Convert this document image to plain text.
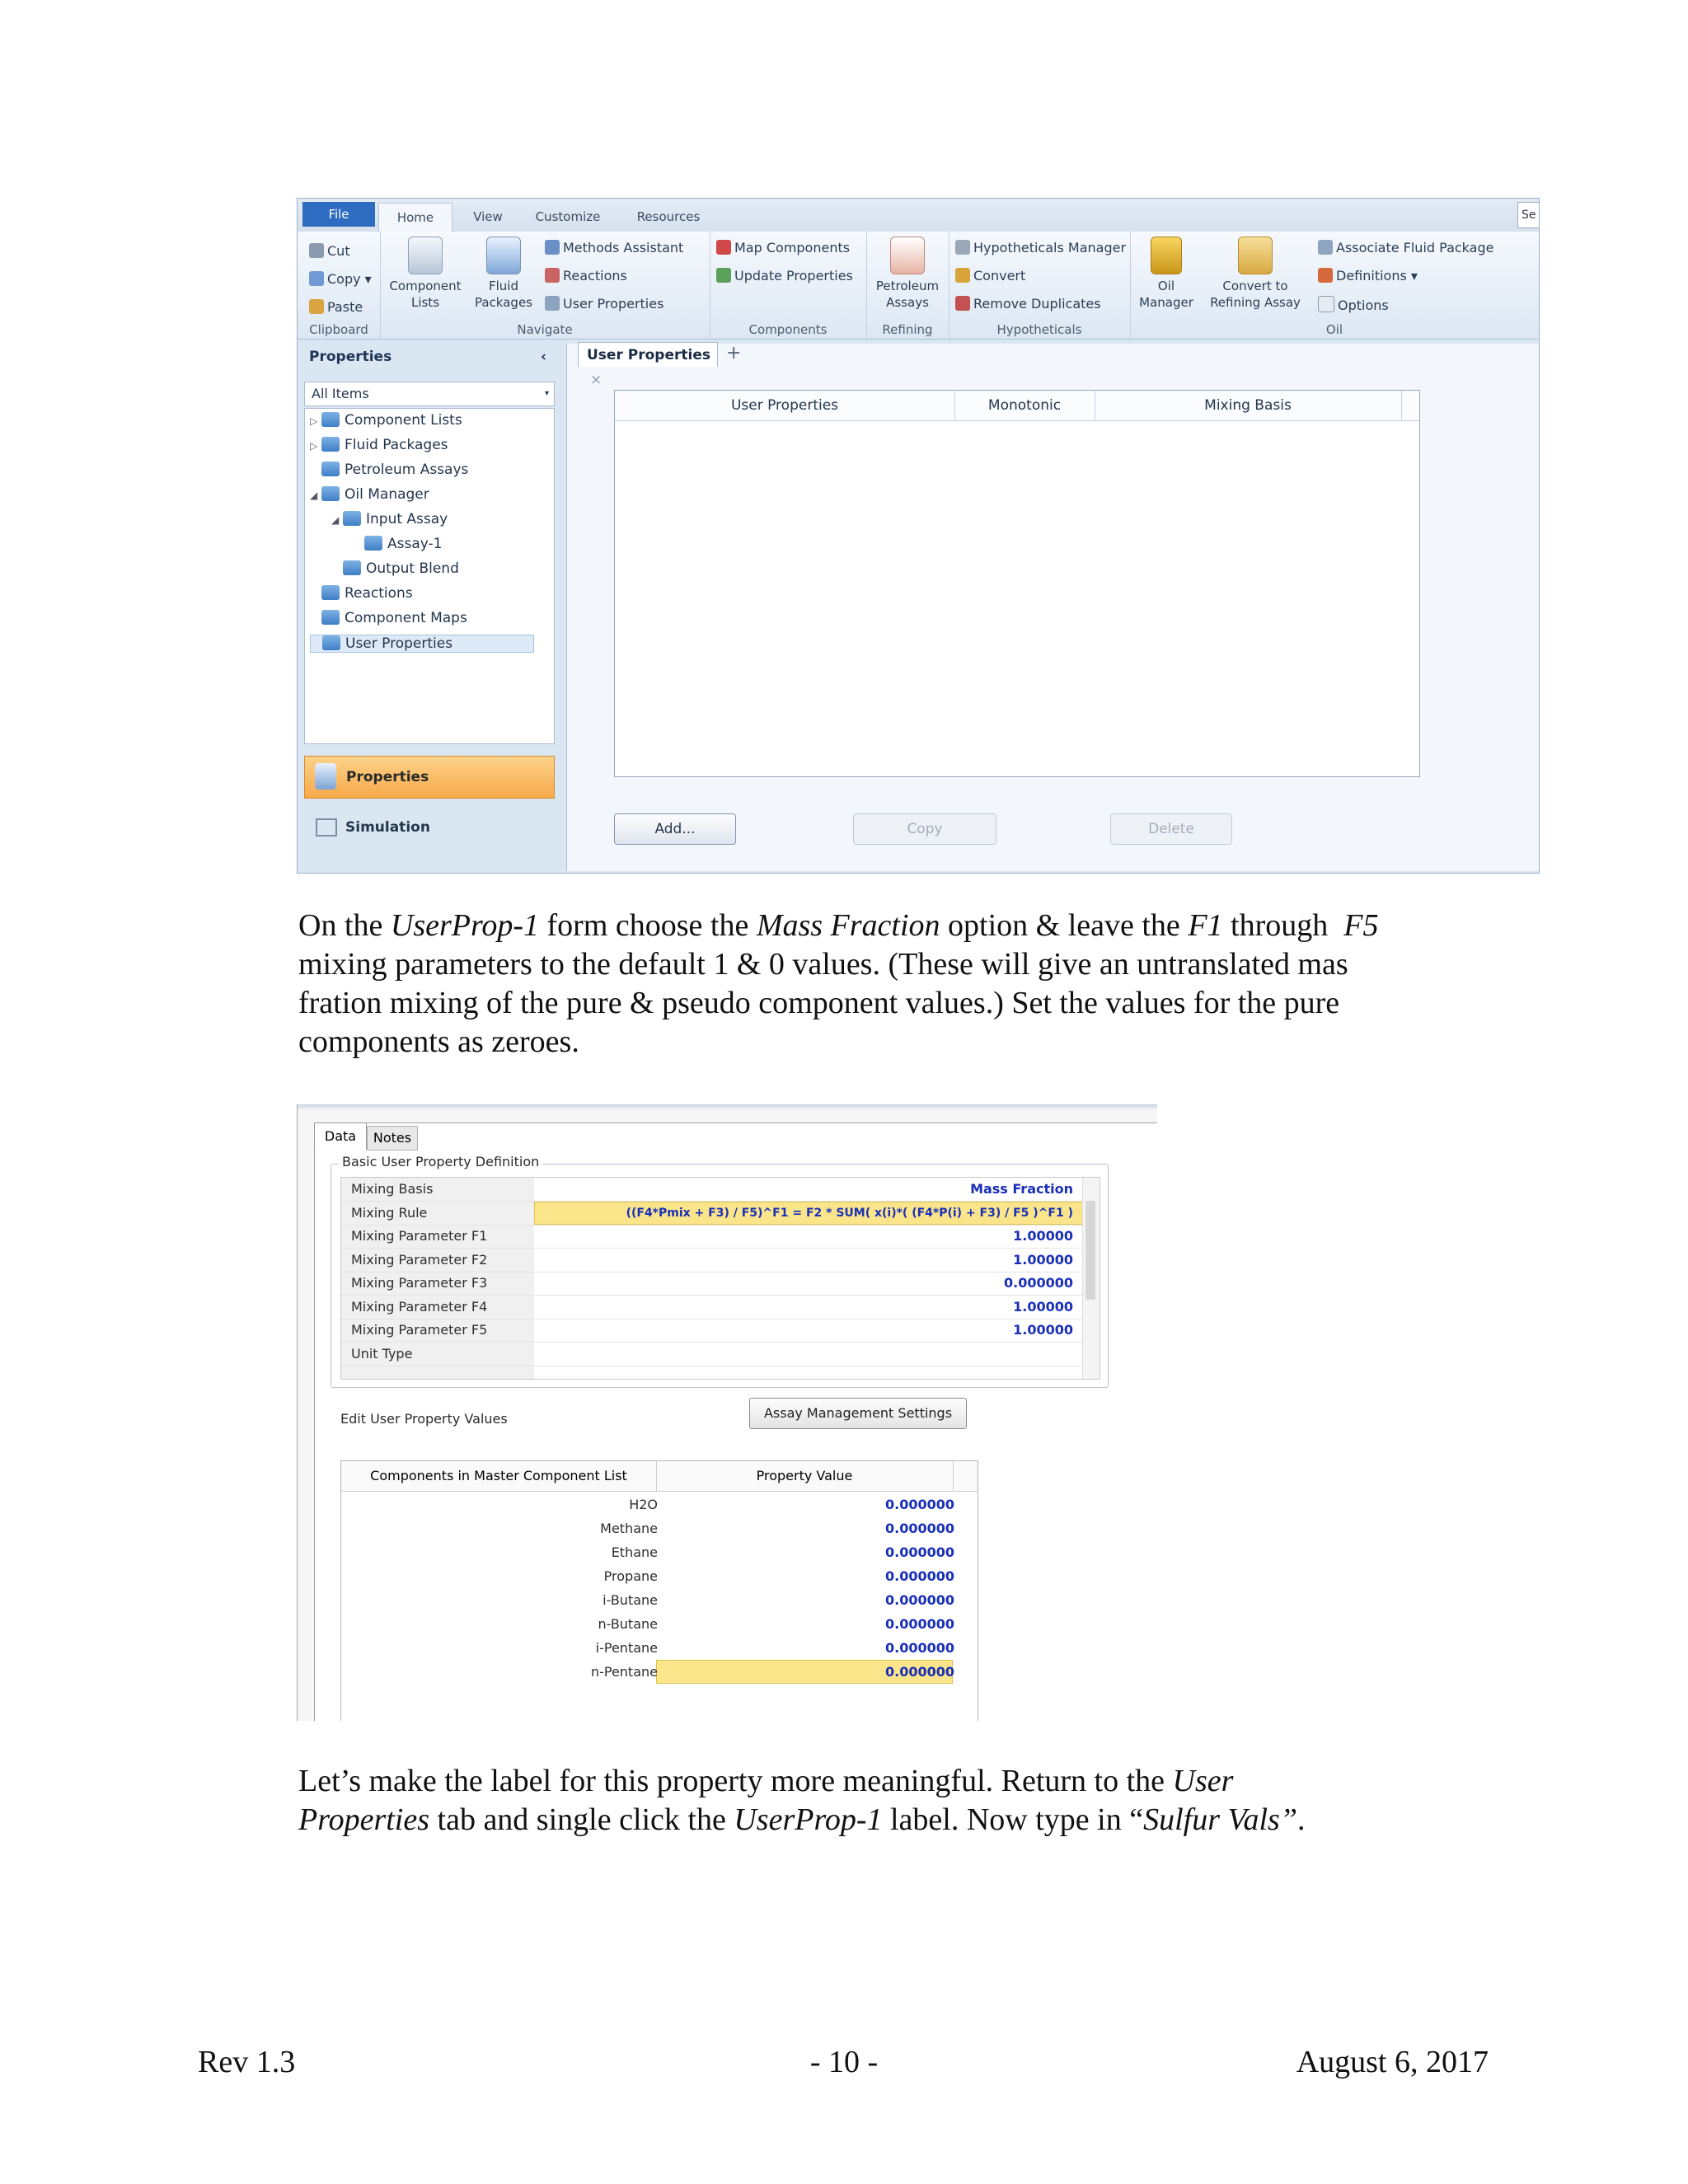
File	Home	View	Customize	Resources	Se
Cut
Copy ▾
Paste
Clipboard
Component Lists
Fluid Packages
Methods Assistant
Reactions
User Properties
Navigate
Map Components
Update Properties
Components
Petroleum Assays
Refining
Hypotheticals Manager
Convert
Remove Duplicates
Hypotheticals
Oil Manager
Convert to Refining Assay
Associate Fluid Package
Definitions ▾
Options
Oil
Properties	‹
All Items	▾
▷ Component Lists
▷ Fluid Packages
Petroleum Assays
◢ Oil Manager
◢ Input Assay
Assay-1
Output Blend
Reactions
Component Maps
User Properties
Properties
Simulation
User Properties ×
+
User Properties	Monotonic	Mixing Basis
Add...	Copy	Delete
On the UserProp-1 form choose the Mass Fraction option & leave the F1 through  F5
mixing parameters to the default 1 & 0 values. (These will give an untranslated mas
fration mixing of the pure & pseudo component values.) Set the values for the pure
components as zeroes.
Data	Notes
Basic User Property Definition
Mixing Basis	Mass Fraction
Mixing Rule	((F4*Pmix + F3) / F5)^F1 = F2 * SUM( x(i)*( (F4*P(i) + F3) / F5 )^F1 )
Mixing Parameter F1	1.00000
Mixing Parameter F2	1.00000
Mixing Parameter F3	0.000000
Mixing Parameter F4	1.00000
Mixing Parameter F5	1.00000
Unit Type
Edit User Property Values	Assay Management Settings
Components in Master Component List	Property Value
H2O	0.000000
Methane	0.000000
Ethane	0.000000
Propane	0.000000
i-Butane	0.000000
n-Butane	0.000000
i-Pentane	0.000000
n-Pentane	0.000000
Let’s make the label for this property more meaningful. Return to the User
Properties tab and single click the UserProp-1 label. Now type in “Sulfur Vals”.
Rev 1.3	- 10 -	August 6, 2017
